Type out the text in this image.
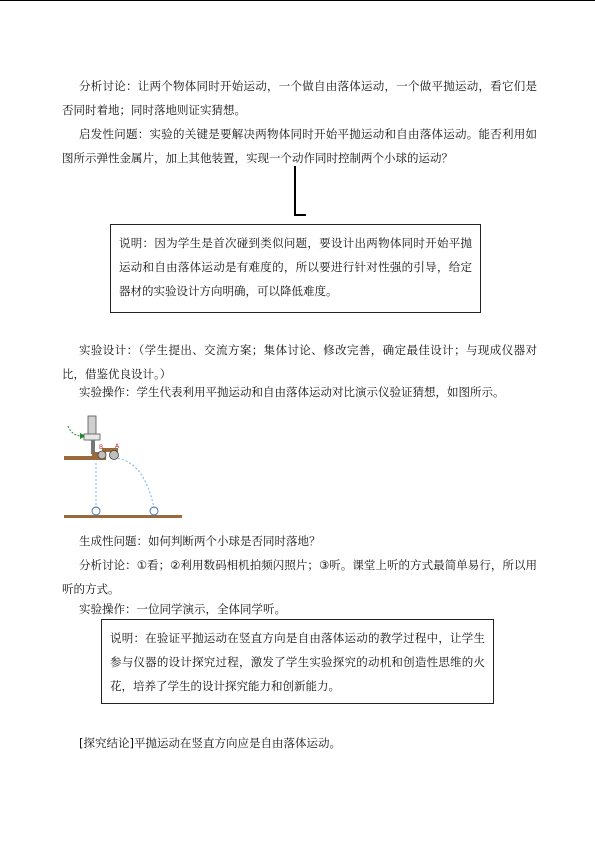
分析讨论：让两个物体同时开始运动，一个做自由落体运动，一个做平抛运动，看它们是否同时着地；同时落地则证实猜想。

启发性问题：实验的关键是要解决两物体同时开始平抛运动和自由落体运动。能否利用如图所示弹性金属片，加上其他装置，实现一个动作同时控制两个小球的运动？

说明：因为学生是首次碰到类似问题，要设计出两物体同时开始平抛运动和自由落体运动是有难度的，所以要进行针对性强的引导，给定器材的实验设计方向明确，可以降低难度。

实验设计：（学生提出、交流方案；集体讨论、修改完善，确定最佳设计；与现成仪器对比，借鉴优良设计。）

实验操作：学生代表利用平抛运动和自由落体运动对比演示仪验证猜想，如图所示。

B A

生成性问题：如何判断两个小球是否同时落地？

分析讨论：①看；②利用数码相机拍频闪照片；③听。课堂上听的方式最简单易行，所以用听的方式。

实验操作：一位同学演示，全体同学听。

说明：在验证平抛运动在竖直方向是自由落体运动的教学过程中，让学生参与仪器的设计探究过程，激发了学生实验探究的动机和创造性思维的火花，培养了学生的设计探究能力和创新能力。

[探究结论]平抛运动在竖直方向应是自由落体运动。
